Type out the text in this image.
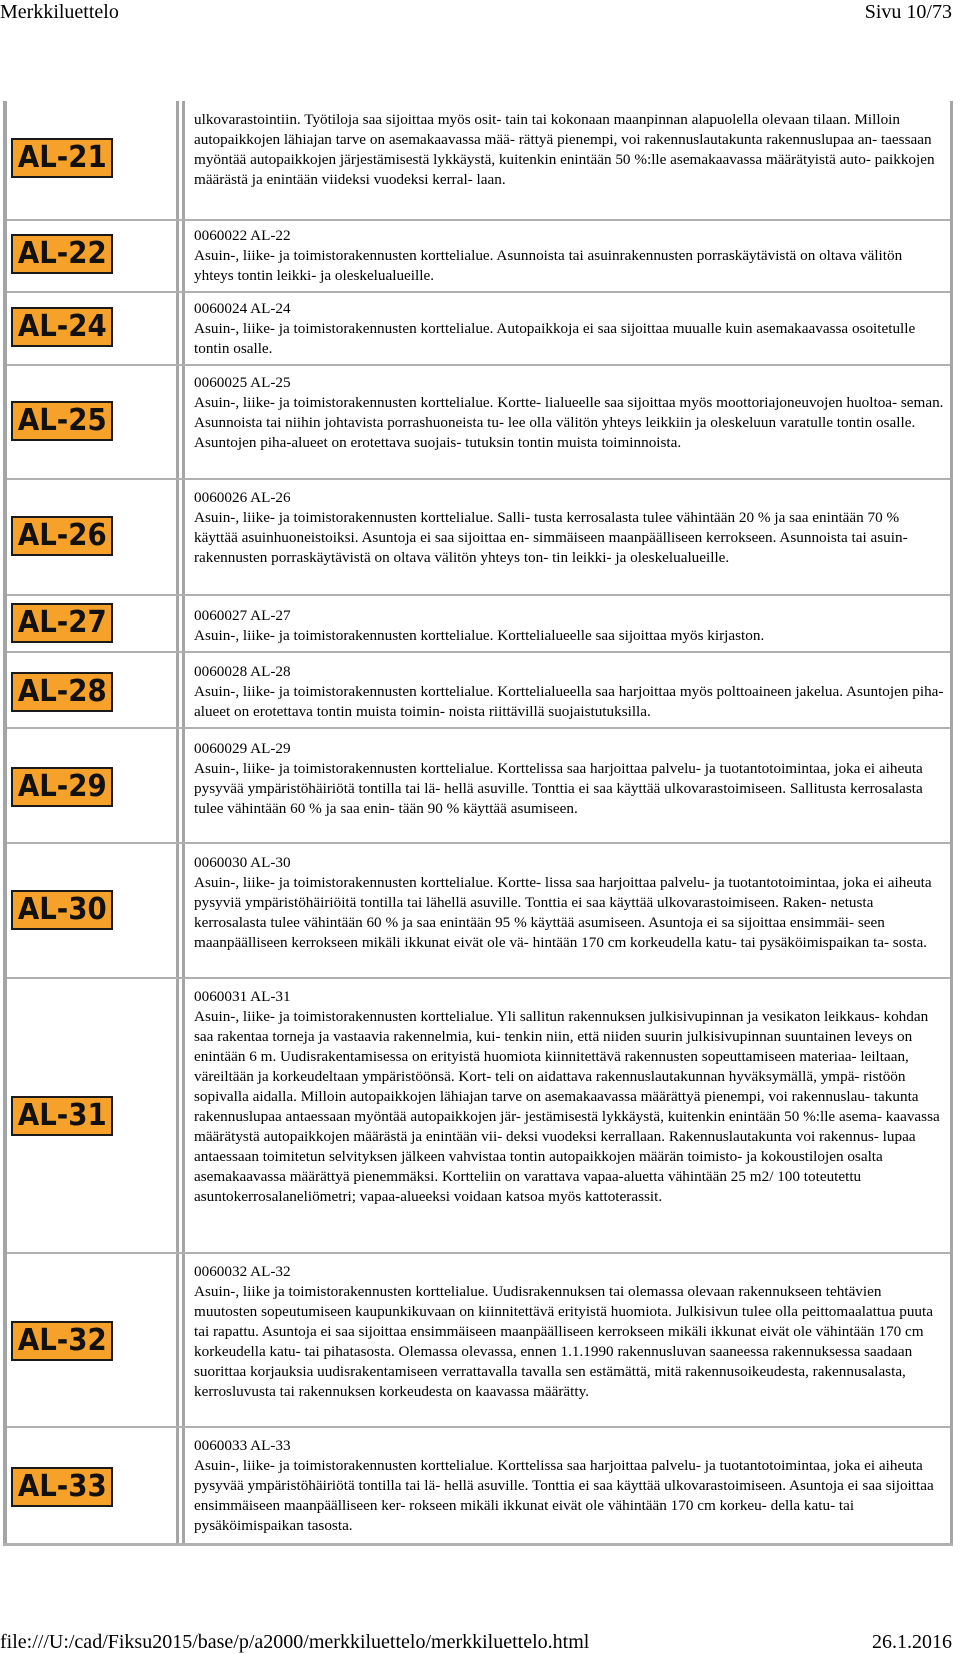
Merkkiluettelo	Sivu 10/73
AL-21
AL-22
AL-24
AL-25
AL-26
AL-27
AL-28
AL-29
AL-30
AL-31
AL-32
AL-33
ulkovarastointiin. Työtiloja saa sijoittaa myös osit- tain tai kokonaan maanpinnan alapuolella olevaan tilaan. Milloin autopaikkojen lähiajan tarve on asemakaavassa mää- rättyä pienempi, voi rakennuslautakunta rakennuslupaa an- taessaan myöntää autopaikkojen järjestämisestä lykkäystä, kuitenkin enintään 50 %:lle asemakaavassa määrätyistä auto- paikkojen määrästä ja enintään viideksi vuodeksi kerral- laan.
0060022 AL-22
Asuin-, liike- ja toimistorakennusten korttelialue. Asunnoista tai asuinrakennusten porraskäytävistä on oltava välitön yhteys tontin leikki- ja oleskelualueille.
0060024 AL-24
Asuin-, liike- ja toimistorakennusten korttelialue. Autopaikkoja ei saa sijoittaa muualle kuin asemakaavassa osoitetulle tontin osalle.
0060025 AL-25
Asuin-, liike- ja toimistorakennusten korttelialue. Kortte- lialueelle saa sijoittaa myös moottoriajoneuvojen huoltoa- seman. Asunnoista tai niihin johtavista porrashuoneista tu- lee olla välitön yhteys leikkiin ja oleskeluun varatulle tontin osalle. Asuntojen piha-alueet on erotettava suojais- tutuksin tontin muista toiminnoista.
0060026 AL-26
Asuin-, liike- ja toimistorakennusten korttelialue. Salli- tusta kerrosalasta tulee vähintään 20 % ja saa enintään 70 % käyttää asuinhuoneistoiksi. Asuntoja ei saa sijoittaa en- simmäiseen maanpäälliseen kerrokseen. Asunnoista tai asuin- rakennusten porraskäytävistä on oltava välitön yhteys ton- tin leikki- ja oleskelualueille.
0060027 AL-27
Asuin-, liike- ja toimistorakennusten korttelialue. Korttelialueelle saa sijoittaa myös kirjaston.
0060028 AL-28
Asuin-, liike- ja toimistorakennusten korttelialue. Korttelialueella saa harjoittaa myös polttoaineen jakelua. Asuntojen piha-alueet on erotettava tontin muista toimin- noista riittävillä suojaistutuksilla.
0060029 AL-29
Asuin-, liike- ja toimistorakennusten korttelialue. Korttelissa saa harjoittaa palvelu- ja tuotantotoimintaa, joka ei aiheuta pysyvää ympäristöhäiriötä tontilla tai lä- hellä asuville. Tonttia ei saa käyttää ulkovarastoimiseen. Sallitusta kerrosalasta tulee vähintään 60 % ja saa enin- tään 90 % käyttää asumiseen.
0060030 AL-30
Asuin-, liike- ja toimistorakennusten korttelialue. Kortte- lissa saa harjoittaa palvelu- ja tuotantotoimintaa, joka ei aiheuta pysyviä ympäristöhäiriöitä tontilla tai lähellä asuville. Tonttia ei saa käyttää ulkovarastoimiseen. Raken- netusta kerrosalasta tulee vähintään 60 % ja saa enintään 95 % käyttää asumiseen. Asuntoja ei sa sijoittaa ensimmäi- seen maanpäälliseen kerrokseen mikäli ikkunat eivät ole vä- hintään 170 cm korkeudella katu- tai pysäköimispaikan ta- sosta.
0060031 AL-31
Asuin-, liike- ja toimistorakennusten korttelialue. Yli sallitun rakennuksen julkisivupinnan ja vesikaton leikkaus- kohdan saa rakentaa torneja ja vastaavia rakennelmia, kui- tenkin niin, että niiden suurin julkisivupinnan suuntainen leveys on enintään 6 m. Uudisrakentamisessa on erityistä huomiota kiinnitettävä rakennusten sopeuttamiseen materiaa- leiltaan, väreiltään ja korkeudeltaan ympäristöönsä. Kort- teli on aidattava rakennuslautakunnan hyväksymällä, ympä- ristöön sopivalla aidalla. Milloin autopaikkojen lähiajan tarve on asemakaavassa määrättyä pienempi, voi rakennuslau- takunta rakennuslupaa antaessaan myöntää autopaikkojen jär- jestämisestä lykkäystä, kuitenkin enintään 50 %:lle asema- kaavassa määrätystä autopaikkojen määrästä ja enintään vii- deksi vuodeksi kerrallaan. Rakennuslautakunta voi rakennus- lupaa antaessaan toimitetun selvityksen jälkeen vahvistaa tontin autopaikkojen määrän toimisto- ja kokoustilojen osalta asemakaavassa määrättyä pienemmäksi. Kortteliin on varattava vapaa-aluetta vähintään 25 m2/ 100 toteutettu asuntokerrosalaneliömetri; vapaa-alueeksi voidaan katsoa myös kattoterassit.
0060032 AL-32
Asuin-, liike ja toimistorakennusten korttelialue. Uudisrakennuksen tai olemassa olevaan rakennukseen tehtävien muutosten sopeutumiseen kaupunkikuvaan on kiinnitettävä erityistä huomiota. Julkisivun tulee olla peittomaalattua puuta tai rapattu. Asuntoja ei saa sijoittaa ensimmäiseen maanpäälliseen kerrokseen mikäli ikkunat eivät ole vähintään 170 cm korkeudella katu- tai pihatasosta. Olemassa olevassa, ennen 1.1.1990 rakennusluvan saaneessa rakennuksessa saadaan suorittaa korjauksia uudisrakentamiseen verrattavalla tavalla sen estämättä, mitä rakennusoikeudesta, rakennusalasta, kerrosluvusta tai rakennuksen korkeudesta on kaavassa määrätty.
0060033 AL-33
Asuin-, liike- ja toimistorakennusten korttelialue. Korttelissa saa harjoittaa palvelu- ja tuotantotoimintaa, joka ei aiheuta pysyvää ympäristöhäiriötä tontilla tai lä- hellä asuville. Tonttia ei saa käyttää ulkovarastoimiseen. Asuntoja ei saa sijoittaa ensimmäiseen maanpäälliseen ker- rokseen mikäli ikkunat eivät ole vähintään 170 cm korkeu- della katu- tai pysäköimispaikan tasosta.
file:///U:/cad/Fiksu2015/base/p/a2000/merkkiluettelo/merkkiluettelo.html	26.1.2016
